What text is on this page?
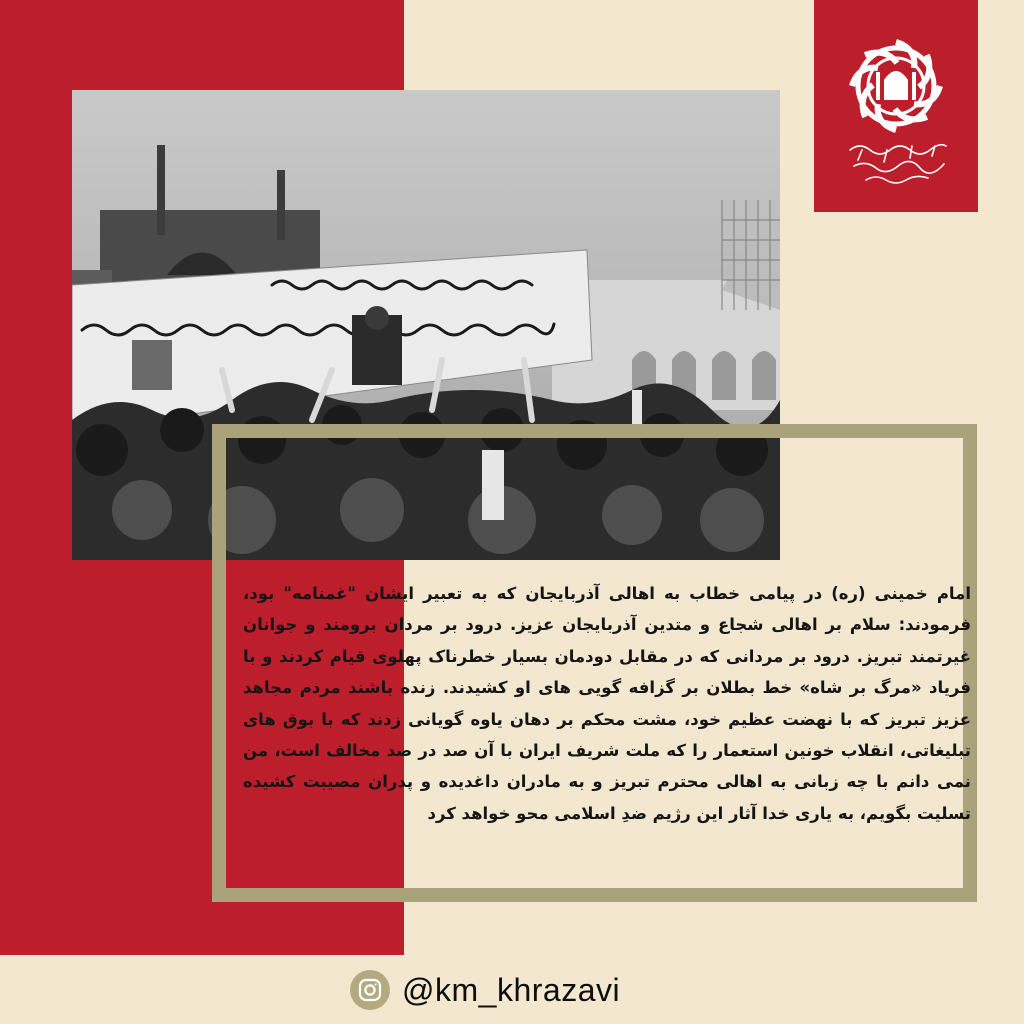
امام خمینی (ره) در پیامی خطاب به اهالی آذربایجان که به تعبیر ایشان "غمنامه" بود، فرمودند: سلام بر اهالی شجاع و متدین آذربایجان عزیز. درود بر مردان برومند و جوانان غیرتمند تبریز. درود بر مردانی که در مقابل دودمان بسیار خطرناک پهلوی قیام کردند و با فریاد «مرگ بر شاه» خط بطلان بر گزافه گویی های او کشیدند. زنده باشند مردم مجاهد عزیز تبریز که با نهضت عظیم خود، مشت محکم بر دهان یاوه گویانی زدند که با بوق های تبلیغاتی، انقلاب خونین استعمار را که ملت شریف ایران با آن صد در صد مخالف است، من نمی دانم با چه زبانی به اهالی محترم تبریز و به مادران داغدیده و پدران مصیبت کشیده تسلیت بگویم، به یاری خدا آثار این رژیم ضدِ اسلامی محو خواهد کرد
@km_khrazavi
